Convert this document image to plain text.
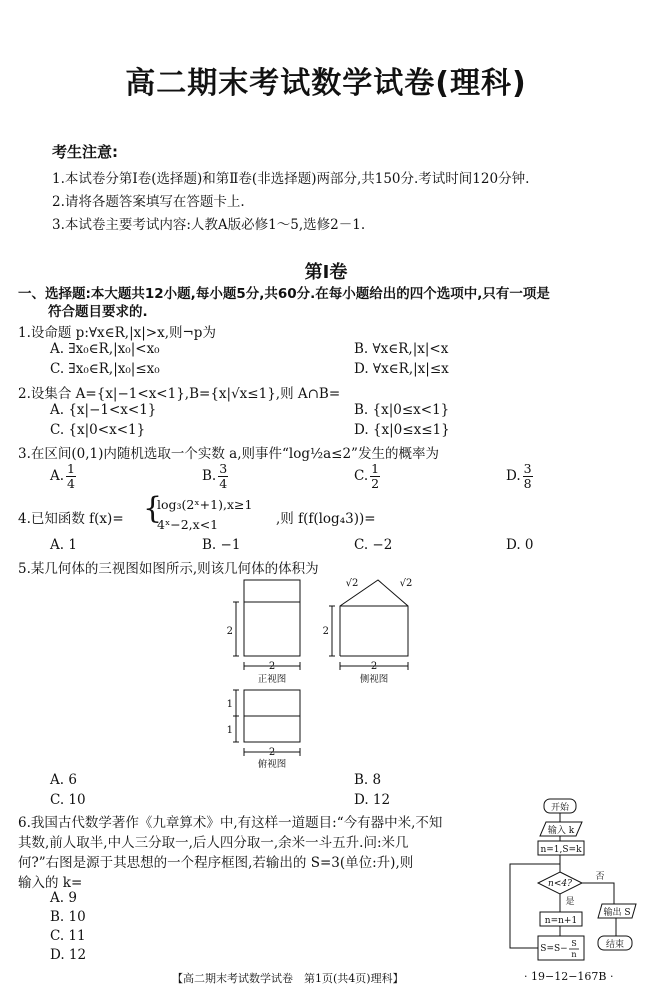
高二期末考试数学试卷(理科)
考生注意:
1.本试卷分第Ⅰ卷(选择题)和第Ⅱ卷(非选择题)两部分,共150分.考试时间120分钟.
2.请将各题答案填写在答题卡上.
3.本试卷主要考试内容:人教A版必修1～5,选修2－1.
第Ⅰ卷
一、选择题:本大题共12小题,每小题5分,共60分.在每小题给出的四个选项中,只有一项是
符合题目要求的.
1.设命题 p:∀x∈R,|x|>x,则¬p为
A. ∃x₀∈R,|x₀|<x₀	B. ∀x∈R,|x|<x
C. ∃x₀∈R,|x₀|≤x₀	D. ∀x∈R,|x|≤x
2.设集合 A={x|−1<x<1},B={x|√x≤1},则 A∩B=
A. {x|−1<x<1}	B. {x|0≤x<1}
C. {x|0<x<1}	D. {x|0≤x≤1}
3.在区间(0,1)内随机选取一个实数 a,则事件“log½a≤2”发生的概率为
A. $\frac{1}{4}$	B. $\frac{3}{4}$	C. $\frac{1}{2}$	D. $\frac{3}{8}$
4.已知函数 f(x)= {
log₃(2ˣ+1),x≥1
4ˣ−2,x<1	,则 f(f(log₄3))=
A. 1	B. −1	C. −2	D. 0
5.某几何体的三视图如图所示,则该几何体的体积为
2
2
正视图
2
√2	√2
2
侧视图
1
1
2
俯视图
A. 6	B. 8
C. 10	D. 12
6.我国古代数学著作《九章算术》中,有这样一道题目:“今有器中米,不知
其数,前人取半,中人三分取一,后人四分取一,余米一斗五升.问:米几
何?”右图是源于其思想的一个程序框图,若输出的 S=3(单位:升),则
输入的 k=
A. 9
B. 10
C. 11
D. 12
开始
输入 k
n=1,S=k
n<4?
是
否
n=n+1
S=S−
S
n
输出 S
结束
【高二期末考试数学试卷　第1页(共4页)理科】	· 19−12−167B ·
